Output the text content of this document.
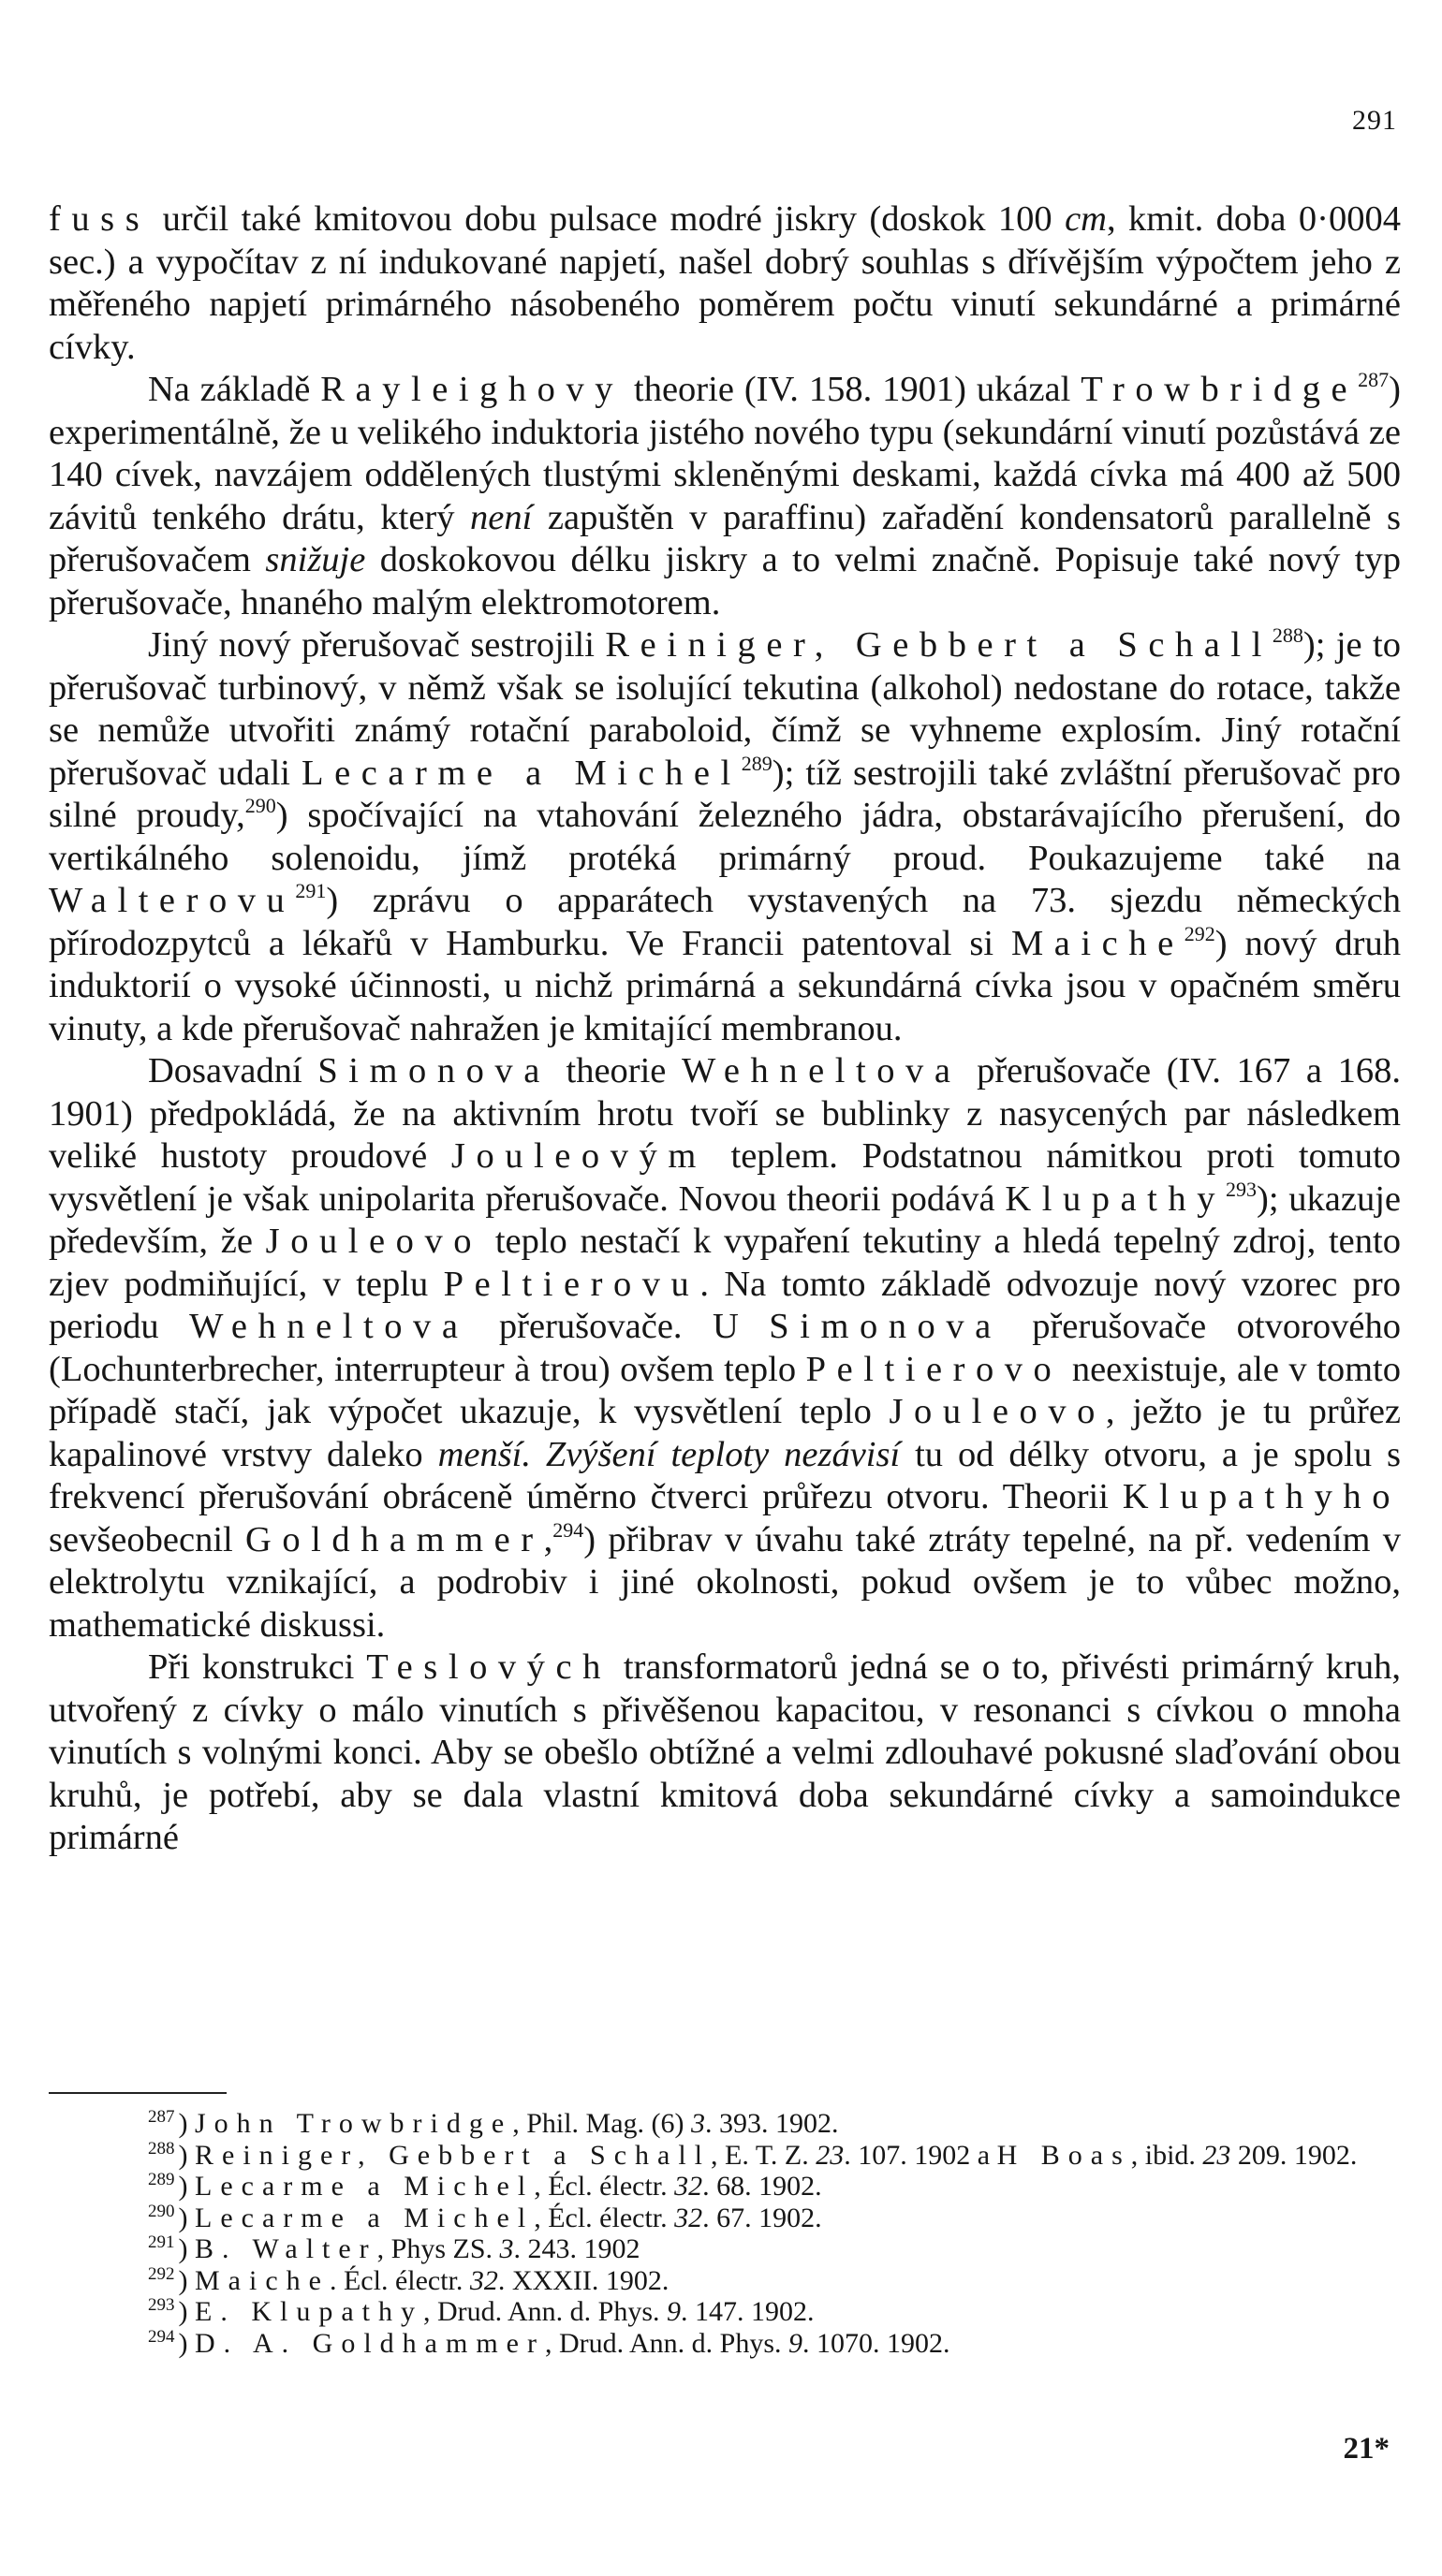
291

fuss určil také kmitovou dobu pulsace modré jiskry (doskok 100 cm, kmit. doba 0·0004 sec.) a vypočítav z ní indukované napjetí, našel dobrý souhlas s dřívějším výpočtem jeho z měřeného napjetí primárného násobeného poměrem počtu vinutí sekundárné a primárné cívky.

Na základě Rayleighovy theorie (IV. 158. 1901) ukázal Trowbridge$^{287}$) experimentálně, že u velikého induktoria jistého nového typu (sekundární vinutí pozůstává ze 140 cívek, navzájem oddělených tlustými skleněnými deskami, každá cívka má 400 až 500 závitů tenkého drátu, který není zapuštěn v paraffinu) zařadění kondensatorů parallelně s přerušovačem snižuje doskokovou délku jiskry a to velmi značně. Popisuje také nový typ přerušovače, hnaného malým elektromotorem.

Jiný nový přerušovač sestrojili Reiniger, Gebbert a Schall$^{288}$); je to přerušovač turbinový, v němž však se isolující tekutina (alkohol) nedostane do rotace, takže se nemůže utvořiti známý rotační paraboloid, čímž se vyhneme explosím. Jiný rotační přerušovač udali Lecarme a Michel$^{289}$); tíž sestrojili také zvláštní přerušovač pro silné proudy,$^{290}$) spočívající na vtahování železného jádra, obstarávajícího přerušení, do vertikálného solenoidu, jímž protéká primárný proud. Poukazujeme také na Walterovu$^{291}$) zprávu o apparátech vystavených na 73. sjezdu německých přírodozpytců a lékařů v Hamburku. Ve Francii patentoval si Maiche$^{292}$) nový druh induktorií o vysoké účinnosti, u nichž primárná a sekundárná cívka jsou v opačném směru vinuty, a kde přerušovač nahražen je kmitající membranou.

Dosavadní Simonova theorie Wehneltova přerušovače (IV. 167 a 168. 1901) předpokládá, že na aktivním hrotu tvoří se bublinky z nasycených par následkem veliké hustoty proudové Jouleovým teplem. Podstatnou námitkou proti tomuto vysvětlení je však unipolarita přerušovače. Novou theorii podává Klupathy$^{293}$); ukazuje především, že Jouleovo teplo nestačí k vypaření tekutiny a hledá tepelný zdroj, tento zjev podmiňující, v teplu Peltierovu. Na tomto základě odvozuje nový vzorec pro periodu Wehneltova přerušovače. U Simonova přerušovače otvorového (Lochunterbrecher, interrupteur à trou) ovšem teplo Peltierovo neexistuje, ale v tomto případě stačí, jak výpočet ukazuje, k vysvětlení teplo Jouleovo, ježto je tu průřez kapalinové vrstvy daleko menší. Zvýšení teploty nezávisí tu od délky otvoru, a je spolu s frekvencí přerušování obráceně úměrno čtverci průřezu otvoru. Theorii Klupathyho sevšeobecnil Goldhammer,$^{294}$) přibrav v úvahu také ztráty tepelné, na př. vedením v elektrolytu vznikající, a podrobiv i jiné okolnosti, pokud ovšem je to vůbec možno, mathematické diskussi.

Při konstrukci Teslových transformatorů jedná se o to, přivésti primárný kruh, utvořený z cívky o málo vinutích s přivěšenou kapacitou, v resonanci s cívkou o mnoha vinutích s volnými konci. Aby se obešlo obtížné a velmi zdlouhavé pokusné slaďování obou kruhů, je potřebí, aby se dala vlastní kmitová doba sekundárné cívky a samoindukce primárné

$^{287}$ ) John Trowbridge, Phil. Mag. (6) 3. 393. 1902.
$^{288}$ ) Reiniger, Gebbert a Schall, E. T. Z. 23. 107. 1902 a H Boas, ibid. 23 209. 1902.
$^{289}$ ) Lecarme a Michel, Écl. électr. 32. 68. 1902.
$^{290}$ ) Lecarme a Michel, Écl. électr. 32. 67. 1902.
$^{291}$ ) B. Walter, Phys ZS. 3. 243. 1902
$^{292}$ ) Maiche. Écl. électr. 32. XXXII. 1902.
$^{293}$ ) E. Klupathy, Drud. Ann. d. Phys. 9. 147. 1902.
$^{294}$ ) D. A. Goldhammer, Drud. Ann. d. Phys. 9. 1070. 1902.
21*
